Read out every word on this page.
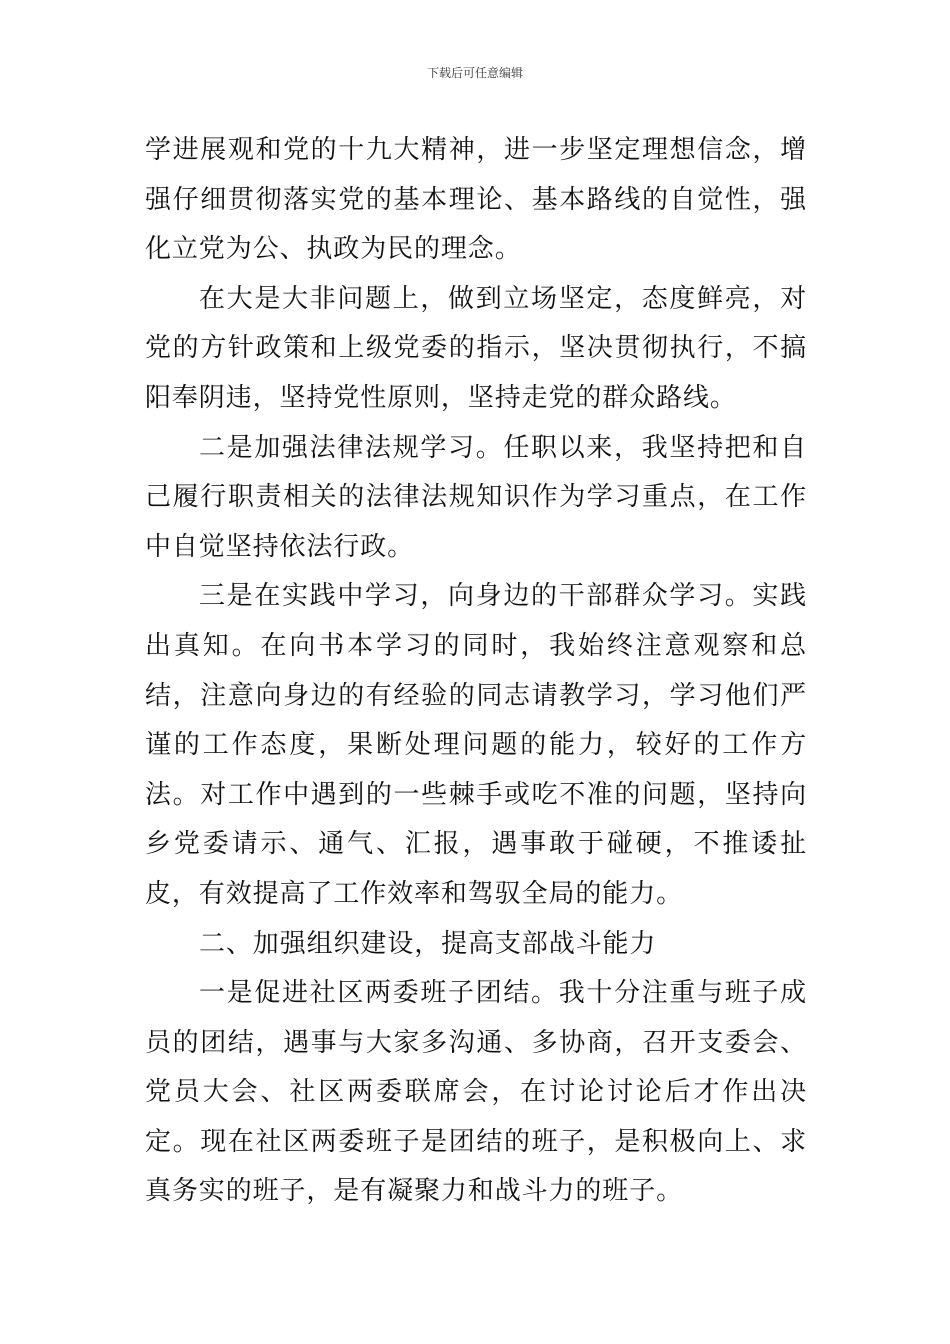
下载后可任意编辑

学进展观和党的十九大精神，进一步坚定理想信念，增强仔细贯彻落实党的基本理论、基本路线的自觉性，强化立党为公、执政为民的理念。

在大是大非问题上，做到立场坚定，态度鲜亮，对党的方针政策和上级党委的指示，坚决贯彻执行，不搞阳奉阴违，坚持党性原则，坚持走党的群众路线。

二是加强法律法规学习。任职以来，我坚持把和自己履行职责相关的法律法规知识作为学习重点，在工作中自觉坚持依法行政。

三是在实践中学习，向身边的干部群众学习。实践出真知。在向书本学习的同时，我始终注意观察和总结，注意向身边的有经验的同志请教学习，学习他们严谨的工作态度，果断处理问题的能力，较好的工作方法。对工作中遇到的一些棘手或吃不准的问题，坚持向乡党委请示、通气、汇报，遇事敢于碰硬，不推诿扯皮，有效提高了工作效率和驾驭全局的能力。

二、加强组织建设，提高支部战斗能力

一是促进社区两委班子团结。我十分注重与班子成员的团结，遇事与大家多沟通、多协商，召开支委会、党员大会、社区两委联席会，在讨论讨论后才作出决定。现在社区两委班子是团结的班子，是积极向上、求真务实的班子，是有凝聚力和战斗力的班子。
